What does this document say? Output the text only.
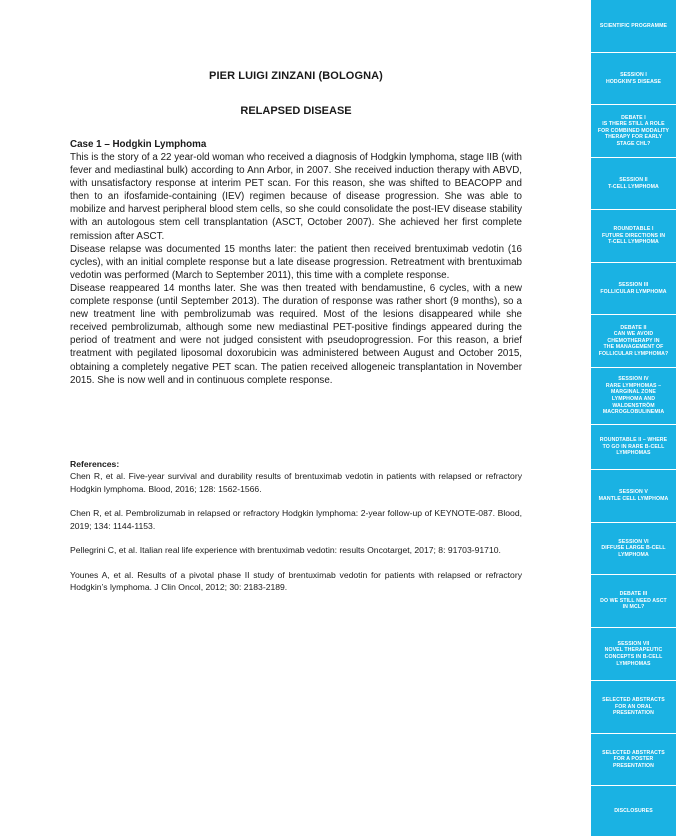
PIER LUIGI ZINZANI (BOLOGNA)
RELAPSED DISEASE
Case 1 – Hodgkin Lymphoma

This is the story of a 22 year-old woman who received a diagnosis of Hodgkin lymphoma, stage IIB (with fever and mediastinal bulk) according to Ann Arbor, in 2007. She received induction therapy with ABVD, with unsatisfactory response at interim PET scan. For this reason, she was shifted to BEACOPP and then to an ifosfamide-containing (IEV) regimen because of disease progression. She was able to mobilize and harvest peripheral blood stem cells, so she could consolidate the post-IEV disease stability with an autologous stem cell transplantation (ASCT, October 2007). She achieved her first complete remission after ASCT.

Disease relapse was documented 15 months later: the patient then received brentuximab vedotin (16 cycles), with an initial complete response but a late disease progression. Retreatment with brentuximab vedotin was performed (March to September 2011), this time with a complete response.

Disease reappeared 14 months later. She was then treated with bendamustine, 6 cycles, with a new complete response (until September 2013). The duration of response was rather short (9 months), so a new treatment line with pembrolizumab was required. Most of the lesions disappeared while she received pembrolizumab, although some new mediastinal PET-positive findings appeared during the period of treatment and were not judged consistent with pseudoprogression. For this reason, a brief treatment with pegilated liposomal doxorubicin was administered between August and October 2015, obtaining a completely negative PET scan. The patien received allogeneic transplantation in November 2015. She is now well and in continuous complete response.

References:

Chen R, et al. Five-year survival and durability results of brentuximab vedotin in patients with relapsed or refractory Hodgkin lymphoma. Blood, 2016; 128: 1562-1566.

Chen R, et al. Pembrolizumab in relapsed or refractory Hodgkin lymphoma: 2-year follow-up of KEYNOTE-087. Blood, 2019; 134: 1144-1153.

Pellegrini C, et al. Italian real life experience with brentuximab vedotin: results Oncotarget, 2017; 8: 91703-91710.

Younes A, et al. Results of a pivotal phase II study of brentuximab vedotin for patients with relapsed or refractory Hodgkin’s lymphoma. J Clin Oncol, 2012; 30: 2183-2189.

SCIENTIFIC PROGRAMME
SESSION I
HODGKIN'S DISEASE
DEBATE I
IS THERE STILL A ROLE
FOR COMBINED MODALITY
THERAPY FOR EARLY
STAGE CHL?
SESSION II
T-CELL LYMPHOMA
ROUNDTABLE I
FUTURE DIRECTIONS IN
T-CELL LYMPHOMA
SESSION III
FOLLICULAR LYMPHOMA
DEBATE II
CAN WE AVOID
CHEMOTHERAPY IN
THE MANAGEMENT OF
FOLLICULAR LYMPHOMA?
SESSION IV
RARE LYMPHOMAS –
MARGINAL ZONE
LYMPHOMA AND
WALDENSTRÖM
MACROGLOBULINEMIA
ROUNDTABLE II – WHERE
TO GO IN RARE B-CELL
LYMPHOMAS
SESSION V
MANTLE CELL LYMPHOMA
SESSION VI
DIFFUSE LARGE B-CELL
LYMPHOMA
DEBATE III
DO WE STILL NEED ASCT
IN MCL?
SESSION VII
NOVEL THERAPEUTIC
CONCEPTS IN B-CELL
LYMPHOMAS
SELECTED ABSTRACTS
FOR AN ORAL
PRESENTATION
SELECTED ABSTRACTS
FOR A POSTER
PRESENTATION
DISCLOSURES
